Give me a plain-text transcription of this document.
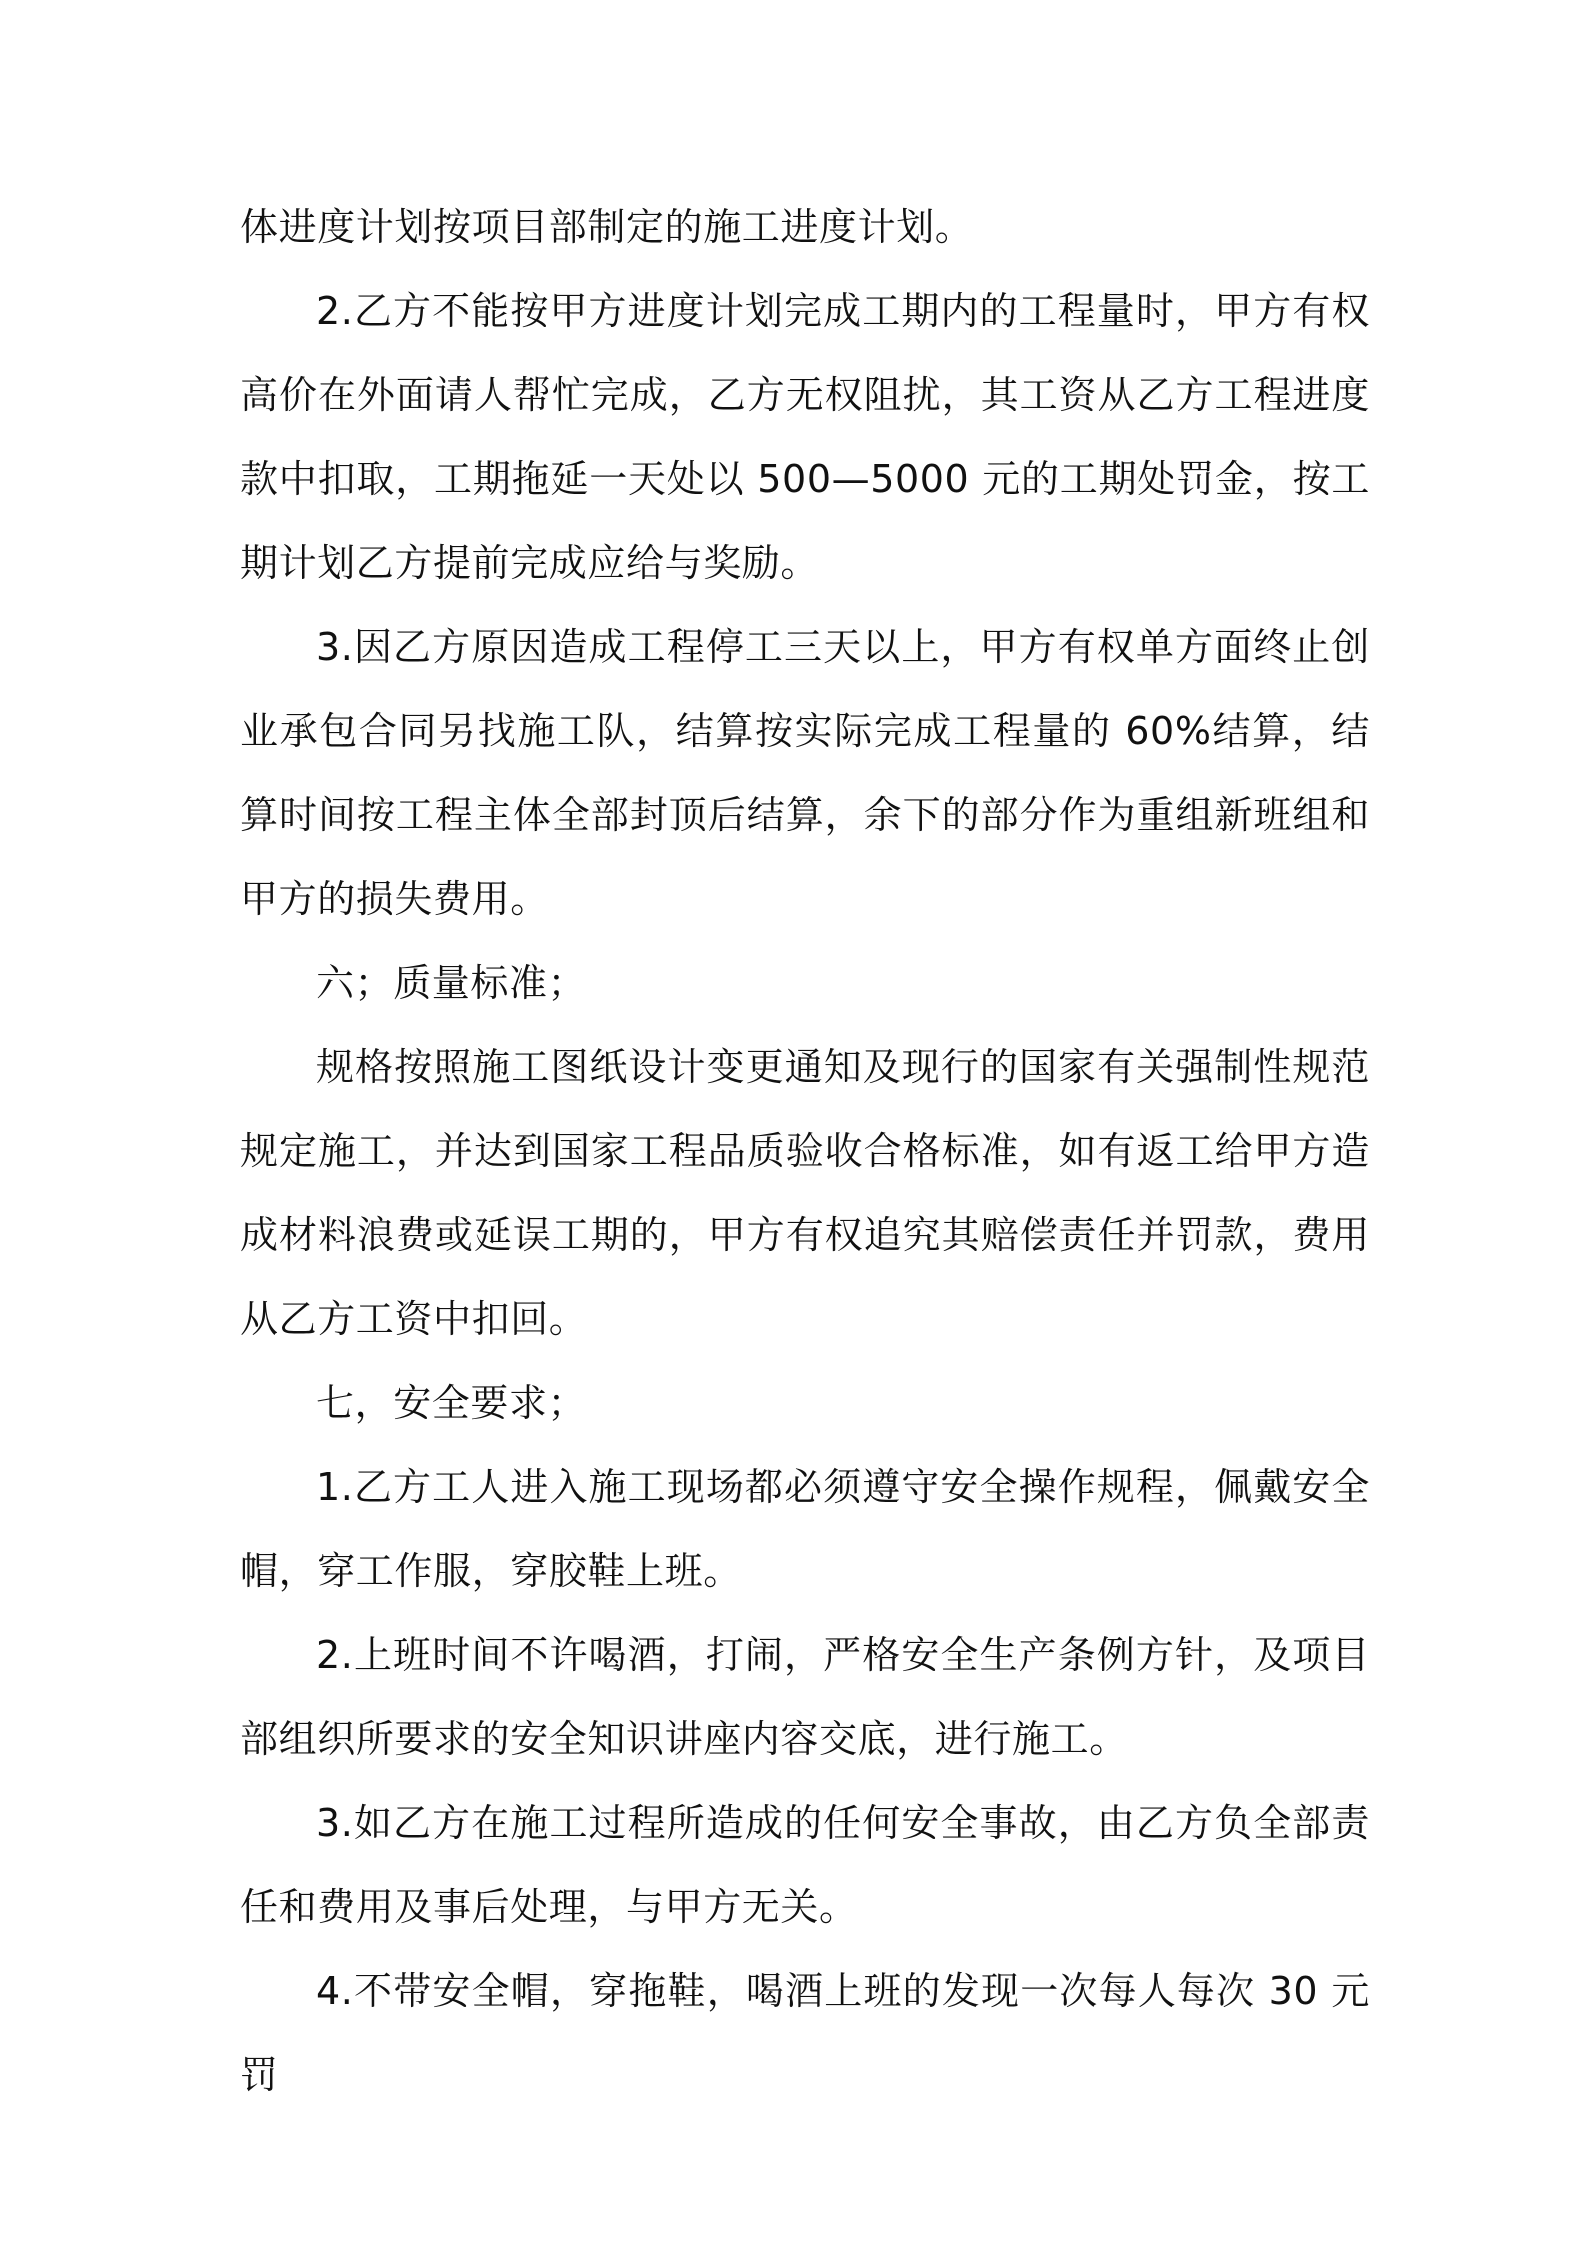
体进度计划按项目部制定的施工进度计划。

2.乙方不能按甲方进度计划完成工期内的工程量时，甲方有权高价在外面请人帮忙完成，乙方无权阻扰，其工资从乙方工程进度款中扣取，工期拖延一天处以 500—5000 元的工期处罚金，按工期计划乙方提前完成应给与奖励。

3.因乙方原因造成工程停工三天以上，甲方有权单方面终止创业承包合同另找施工队，结算按实际完成工程量的 60%结算，结算时间按工程主体全部封顶后结算，余下的部分作为重组新班组和甲方的损失费用。

六；质量标准；

规格按照施工图纸设计变更通知及现行的国家有关强制性规范规定施工，并达到国家工程品质验收合格标准，如有返工给甲方造成材料浪费或延误工期的，甲方有权追究其赔偿责任并罚款，费用从乙方工资中扣回。

七，安全要求；

1.乙方工人进入施工现场都必须遵守安全操作规程，佩戴安全帽，穿工作服，穿胶鞋上班。

2.上班时间不许喝酒，打闹，严格安全生产条例方针，及项目部组织所要求的安全知识讲座内容交底，进行施工。

3.如乙方在施工过程所造成的任何安全事故，由乙方负全部责任和费用及事后处理，与甲方无关。

4.不带安全帽，穿拖鞋，喝酒上班的发现一次每人每次 30 元罚
